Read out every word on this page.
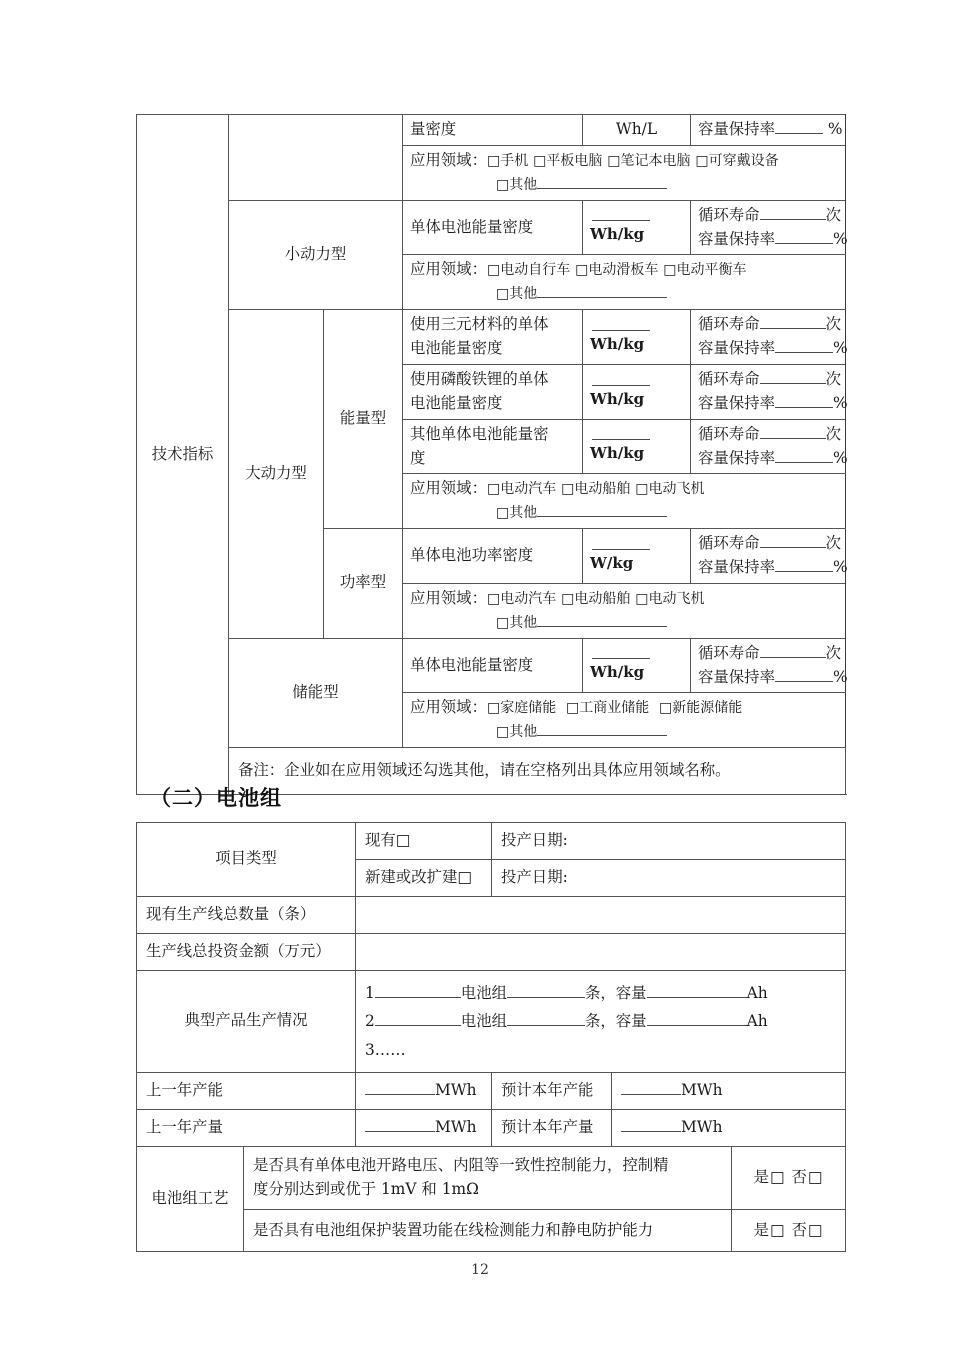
技术指标			量密度	Wh/L	容量保持率 %
			应用领域：□手机 □平板电脑 □笔记本电脑 □可穿戴设备
□其他		

	小动力型		单体电池能量密度	Wh/kg	循环寿命 次
容量保持率 %
			应用领域：□电动自行车 □电动滑板车 □电动平衡车
□其他		

	大动力型	能量型	使用三元材料的单体
电池能量密度	Wh/kg	循环寿命 次
容量保持率 %
			使用磷酸铁锂的单体
电池能量密度	Wh/kg	循环寿命 次
容量保持率 %
			其他单体电池能量密
度	Wh/kg	循环寿命 次
容量保持率 %
			应用领域：□电动汽车 □电动船舶 □电动飞机
□其他		

		功率型	单体电池功率密度	W/kg	循环寿命 次
容量保持率 %
			应用领域：□电动汽车 □电动船舶 □电动飞机
□其他		

	储能型		单体电池能量密度	Wh/kg	循环寿命 次
容量保持率 %
			应用领域：□家庭储能 □工商业储能 □新能源储能
□其他		

	备注：企业如在应用领域还勾选其他，请在空格列出具体应用领域名称。				
（二）电池组
项目类型		现有□	投产日期:		
		新建或改扩建□	投产日期:		
现有生产线总数量（条）					
生产线总投资金额（万元）					
典型产品生产情况		1 电池组 条，容量 Ah
2 电池组 条，容量 Ah
3……			

上一年产能		MWh	预计本年产能	MWh	
上一年产量		MWh	预计本年产量	MWh	
电池组工艺	是否具有单体电池开路电压、内阻等一致性控制能力，控制精
度分别达到或优于 1mV 和 1mΩ				是□ 否□
	是否具有电池组保护装置功能在线检测能力和静电防护能力				是□ 否□
12
